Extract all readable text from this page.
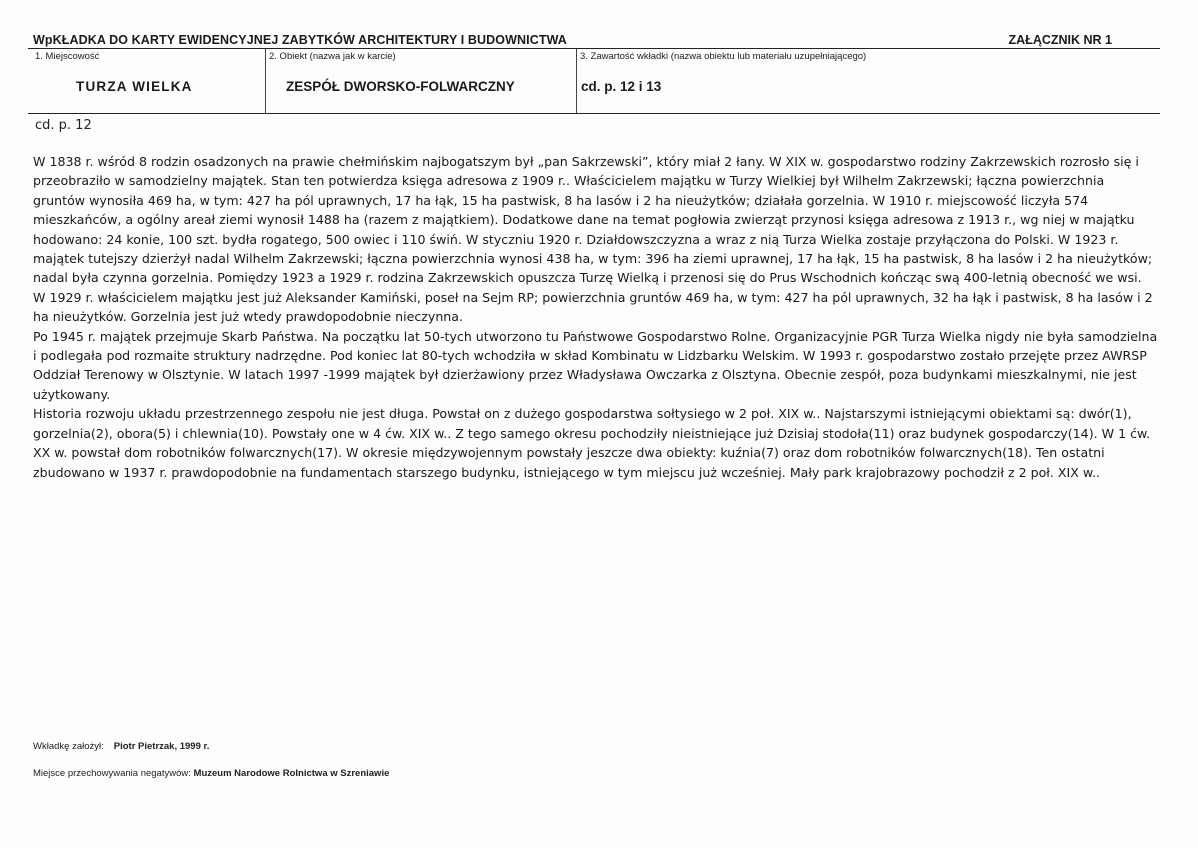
WpKŁADKA DO KARTY EWIDENCYJNEJ ZABYTKÓW ARCHITEKTURY I BUDOWNICTWA	ZAŁĄCZNIK NR 1
1. Miejscowość	2. Obiekt (nazwa jak w karcie)	3. Zawartość wkładki (nazwa obiektu lub materiału uzupełniającego)
TURZA WIELKA	ZESPÓŁ DWORSKO-FOLWARCZNY	cd. p. 12 i 13
cd. p. 12

W 1838 r. wśród 8 rodzin osadzonych na prawie chełmińskim najbogatszym był „pan Sakrzewski”, który miał 2 łany. W XIX w. gospodarstwo rodziny Zakrzewskich rozrosło się i przeobraziło w samodzielny majątek. Stan ten potwierdza księga adresowa z 1909 r.. Właścicielem majątku w Turzy Wielkiej był Wilhelm Zakrzewski; łączna powierzchnia gruntów wynosiła 469 ha, w tym: 427 ha pól uprawnych, 17 ha łąk, 15 ha pastwisk, 8 ha lasów i 2 ha nieużytków; działała gorzelnia. W 1910 r. miejscowość liczyła 574 mieszkańców, a ogólny areał ziemi wynosił 1488 ha (razem z majątkiem). Dodatkowe dane na temat pogłowia zwierząt przynosi księga adresowa z 1913 r., wg niej w majątku hodowano: 24 konie, 100 szt. bydła rogatego, 500 owiec i 110 świń. W styczniu 1920 r. Działdowszczyzna a wraz z nią Turza Wielka zostaje przyłączona do Polski. W 1923 r. majątek tutejszy dzierżył nadal Wilhelm Zakrzewski; łączna powierzchnia wynosi 438 ha, w tym: 396 ha ziemi uprawnej, 17 ha łąk, 15 ha pastwisk, 8 ha lasów i 2 ha nieużytków; nadal była czynna gorzelnia. Pomiędzy 1923 a 1929 r. rodzina Zakrzewskich opuszcza Turzę Wielką i przenosi się do Prus Wschodnich kończąc swą 400-letnią obecność we wsi. W 1929 r. właścicielem majątku jest już Aleksander Kamiński, poseł na Sejm RP; powierzchnia gruntów 469 ha, w tym: 427 ha pól uprawnych, 32 ha łąk i pastwisk, 8 ha lasów i 2 ha nieużytków. Gorzelnia jest już wtedy prawdopodobnie nieczynna.

Po 1945 r. majątek przejmuje Skarb Państwa. Na początku lat 50-tych utworzono tu Państwowe Gospodarstwo Rolne. Organizacyjnie PGR Turza Wielka nigdy nie była samodzielna i podlegała pod rozmaite struktury nadrzędne. Pod koniec lat 80-tych wchodziła w skład Kombinatu w Lidzbarku Welskim. W 1993 r. gospodarstwo zostało przejęte przez AWRSP Oddział Terenowy w Olsztynie. W latach 1997 -1999 majątek był dzierżawiony przez Władysława Owczarka z Olsztyna. Obecnie zespół, poza budynkami mieszkalnymi, nie jest użytkowany.

Historia rozwoju układu przestrzennego zespołu nie jest długa. Powstał on z dużego gospodarstwa sołtysiego w 2 poł. XIX w.. Najstarszymi istniejącymi obiektami są: dwór(1), gorzelnia(2), obora(5) i chlewnia(10). Powstały one w 4 ćw. XIX w.. Z tego samego okresu pochodziły nieistniejące już Dzisiaj stodoła(11) oraz budynek gospodarczy(14). W 1 ćw. XX w. powstał dom robotników folwarcznych(17). W okresie międzywojennym powstały jeszcze dwa obiekty: kuźnia(7) oraz dom robotników folwarcznych(18). Ten ostatni zbudowano w 1937 r. prawdopodobnie na fundamentach starszego budynku, istniejącego w tym miejscu już wcześniej. Mały park krajobrazowy pochodził z 2 poł. XIX w..

Wkładkę założył: Piotr Pietrzak, 1999 r.
Miejsce przechowywania negatywów: Muzeum Narodowe Rolnictwa w Szreniawie
